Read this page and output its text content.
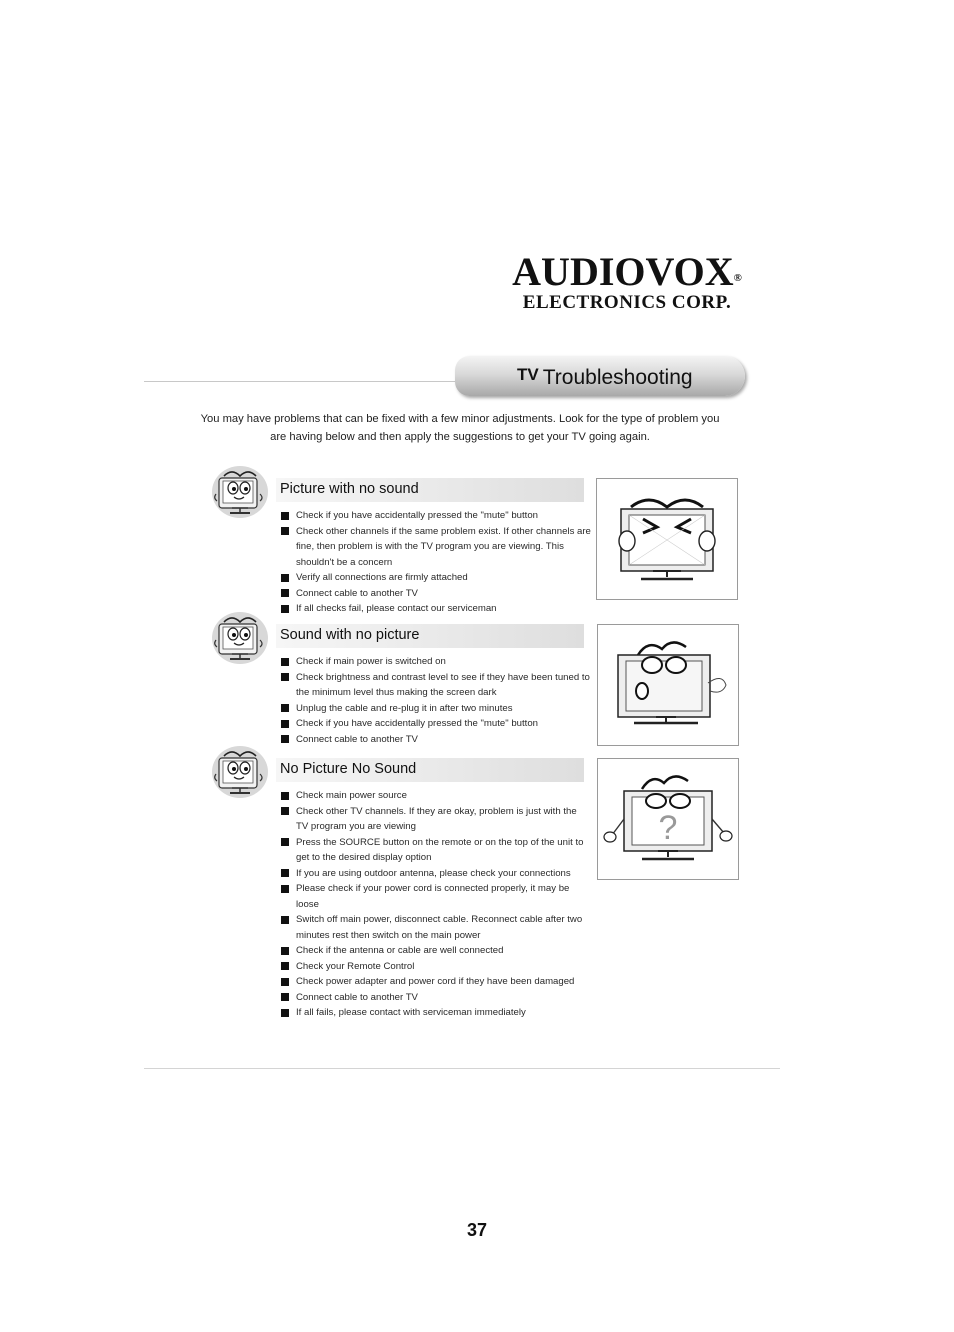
AUDIOVOX®
ELECTRONICS CORP.
TV Troubleshooting
You may have problems that can be fixed with a few minor adjustments. Look for the type of problem you are having below and then apply the suggestions to get your TV going again.
Picture with no sound
Check if you have accidentally pressed the "mute" button
Check other channels if the same problem exist. If other channels are fine, then problem is with the TV program you are viewing. This shouldn't be a concern
Verify all connections are firmly attached
Connect cable to another TV
If all checks fail, please contact our serviceman
Sound with no picture
Check if main power is switched on
Check brightness and contrast level to see if they have been tuned to the minimum level thus making the screen dark
Unplug the cable and re-plug it in after two minutes
Check if you have accidentally pressed the "mute" button
Connect cable to another TV
No Picture No Sound
Check main power source
Check other TV channels. If they are okay, problem is just with the TV program you are viewing
Press the SOURCE button on the remote or on the top of the unit to get to the desired display option
If you are using outdoor antenna, please check your connections
Please check if your power cord is connected properly, it may be loose
Switch off main power, disconnect cable. Reconnect cable after two minutes rest then switch on the main power
Check if the antenna or cable are well connected
Check your Remote Control
Check power adapter and power cord if they have been damaged
Connect cable to another TV
If all fails, please contact with serviceman immediately
?
37
